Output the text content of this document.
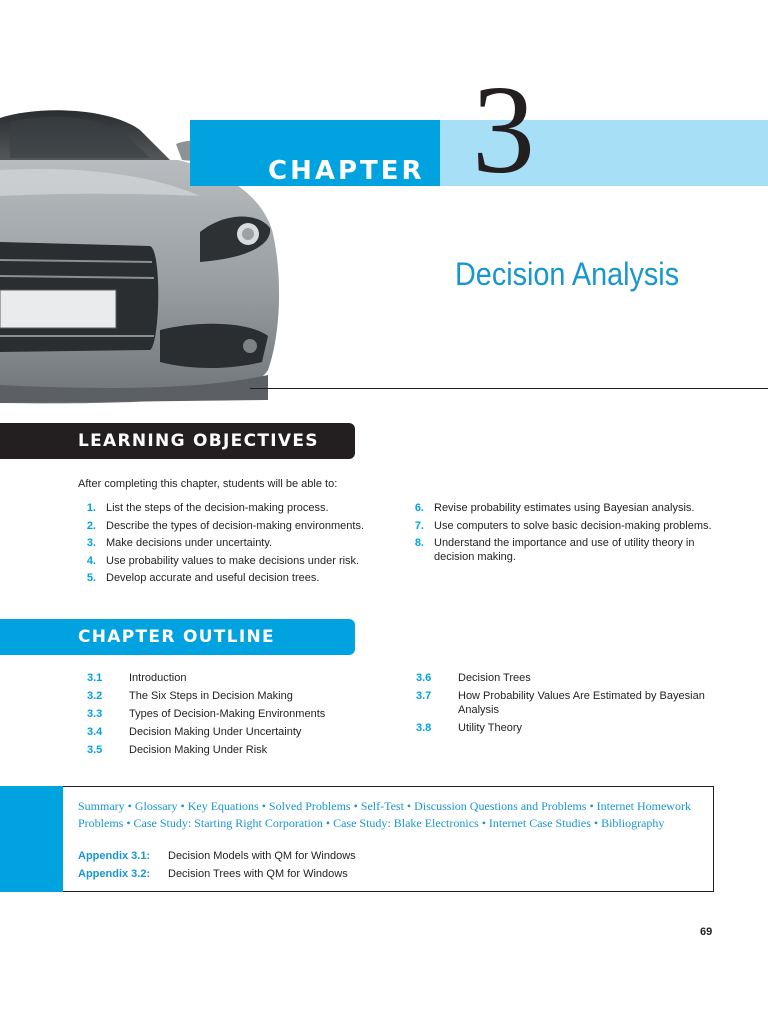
CHAPTER 3
Decision Analysis
LEARNING OBJECTIVES
After completing this chapter, students will be able to:
1. List the steps of the decision-making process.
2. Describe the types of decision-making environments.
3. Make decisions under uncertainty.
4. Use probability values to make decisions under risk.
5. Develop accurate and useful decision trees.
6. Revise probability estimates using Bayesian analysis.
7. Use computers to solve basic decision-making problems.
8. Understand the importance and use of utility theory in decision making.
CHAPTER OUTLINE
3.1 Introduction
3.2 The Six Steps in Decision Making
3.3 Types of Decision-Making Environments
3.4 Decision Making Under Uncertainty
3.5 Decision Making Under Risk
3.6 Decision Trees
3.7 How Probability Values Are Estimated by Bayesian Analysis
3.8 Utility Theory
Summary • Glossary • Key Equations • Solved Problems • Self-Test • Discussion Questions and Problems • Internet Homework Problems • Case Study: Starting Right Corporation • Case Study: Blake Electronics • Internet Case Studies • Bibliography
Appendix 3.1: Decision Models with QM for Windows
Appendix 3.2: Decision Trees with QM for Windows
69
